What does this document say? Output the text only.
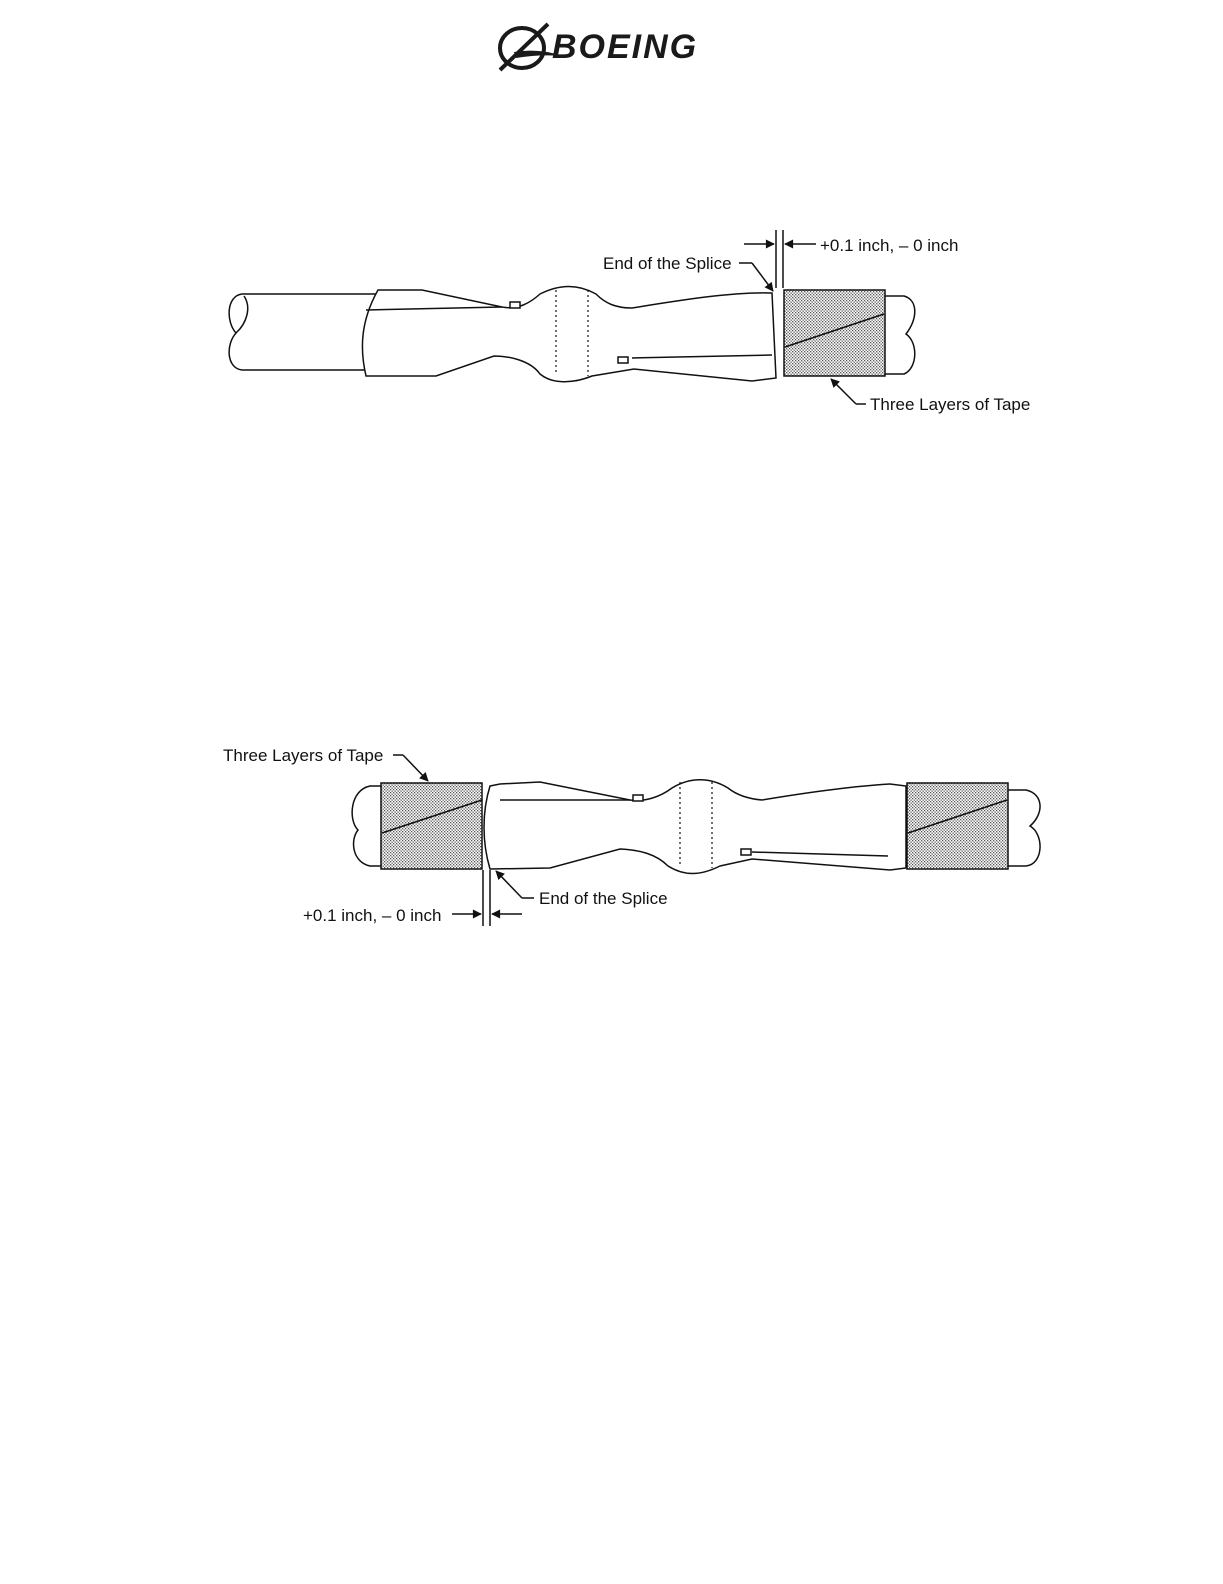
BOEING
End of the Splice
+0.1 inch, – 0 inch
Three Layers of Tape
Three Layers of Tape
End of the Splice
+0.1 inch, – 0 inch
